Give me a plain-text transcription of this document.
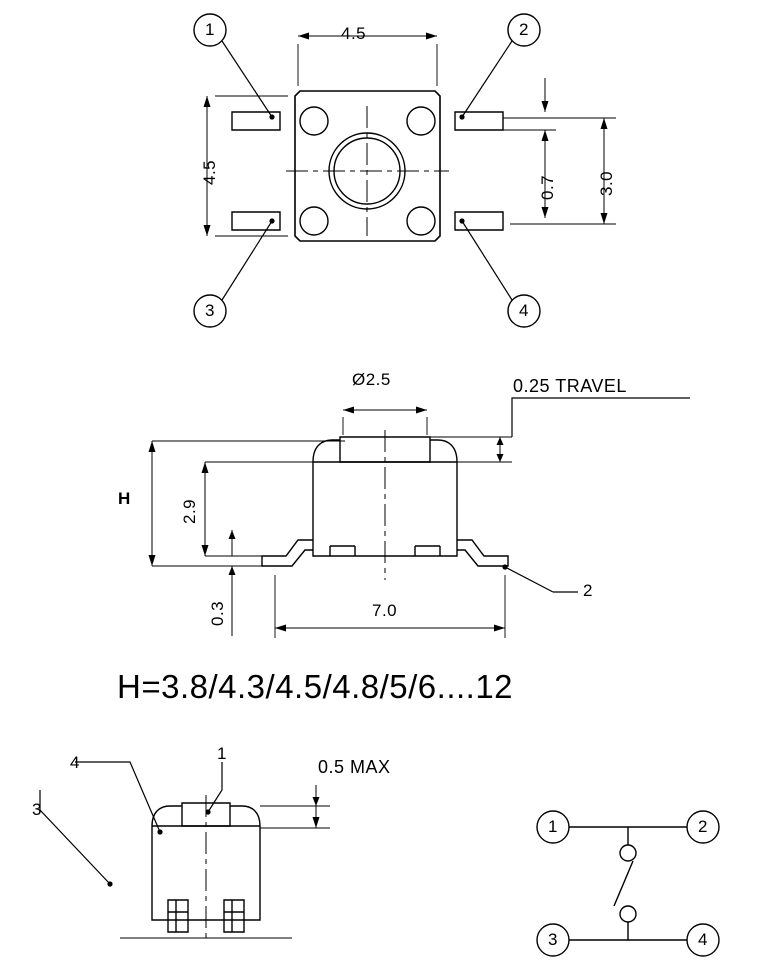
4.5
4.5
0.7 3.0
1	2
3	4
Ø2.5	0.25 TRAVEL
H
2.9
0.3	7.0
2
H=3.8/4.3/4.5/4.8/5/6....12
0.5 MAX
1
3
4
1	2
3	4
